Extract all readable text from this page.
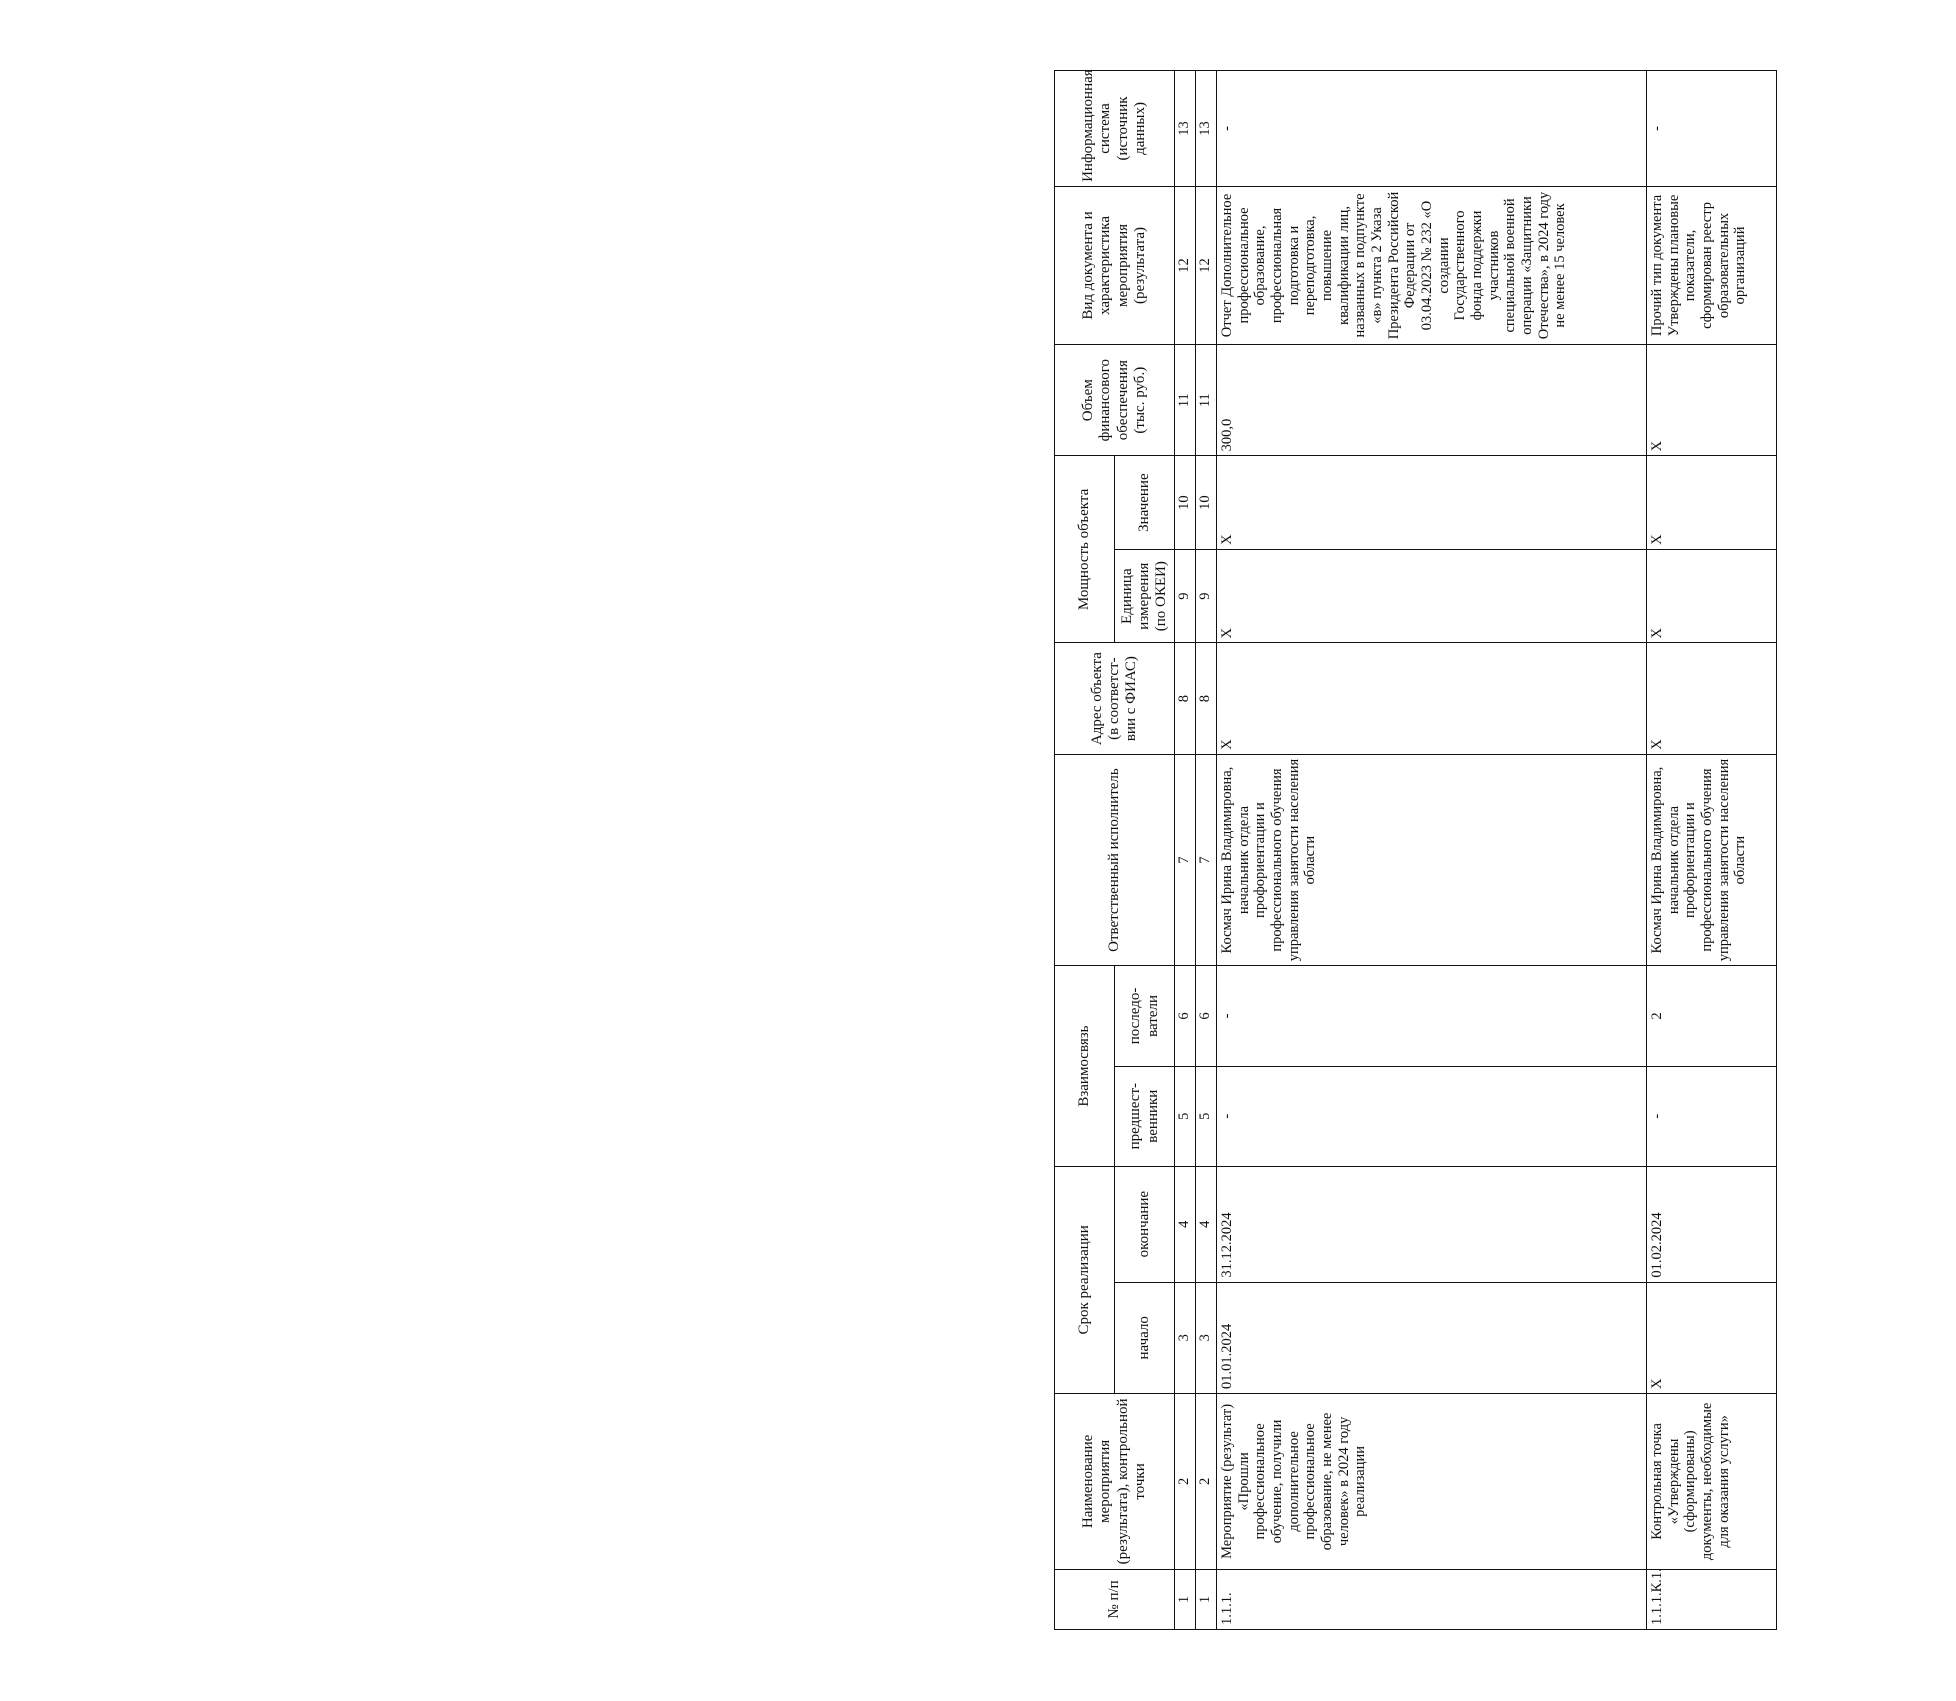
№ п/п	Наименование мероприятия (результата), контрольной точки	Срок реализации		Взаимосвязь		Ответственный исполнитель	Адрес объекта (в соответст-вии с ФИАС)	Мощность объекта		Объем финансового обеспечения (тыс. руб.)	Вид документа и характеристика мероприятия (результата)	Информационная система (источник данных)
		начало	окончание	предшест-венники	последо-ватели			Единица измерения (по ОКЕИ)	Значение			
1	2	3	4	5	6	7	8	9	10	11	12	13
1	2	3	4	5	6	7	8	9	10	11	12	13
1.1.1.	Мероприятие (результат) «Прошли профессиональное обучение, получили дополнительное профессиональное образование, не менее человек» в 2024 году реализации	01.01.2024	31.12.2024	-	-	Космач Ирина Владимировна, начальник отдела профориентации и профессионального обучения управления занятости населения области	X	X	X	300,0	Отчет Дополнительное профессиональное образование, профессиональная подготовка и переподготовка, повышение квалификации лиц, названных в подпункте «в» пункта 2 Указа Президента Российской Федерации от 03.04.2023 № 232 «О создании Государственного фонда поддержки участников специальной военной операции «Защитники Отечества», в 2024 году не менее 15 человек	-
1.1.1.К.1.	Контрольная точка «Утверждены (сформированы) документы, необходимые для оказания услуги»	X	01.02.2024	-	2	Космач Ирина Владимировна, начальник отдела профориентации и профессионального обучения управления занятости населения области	X	X	X	X	Прочий тип документа Утверждены плановые показатели, сформирован реестр образовательных организаций	-
